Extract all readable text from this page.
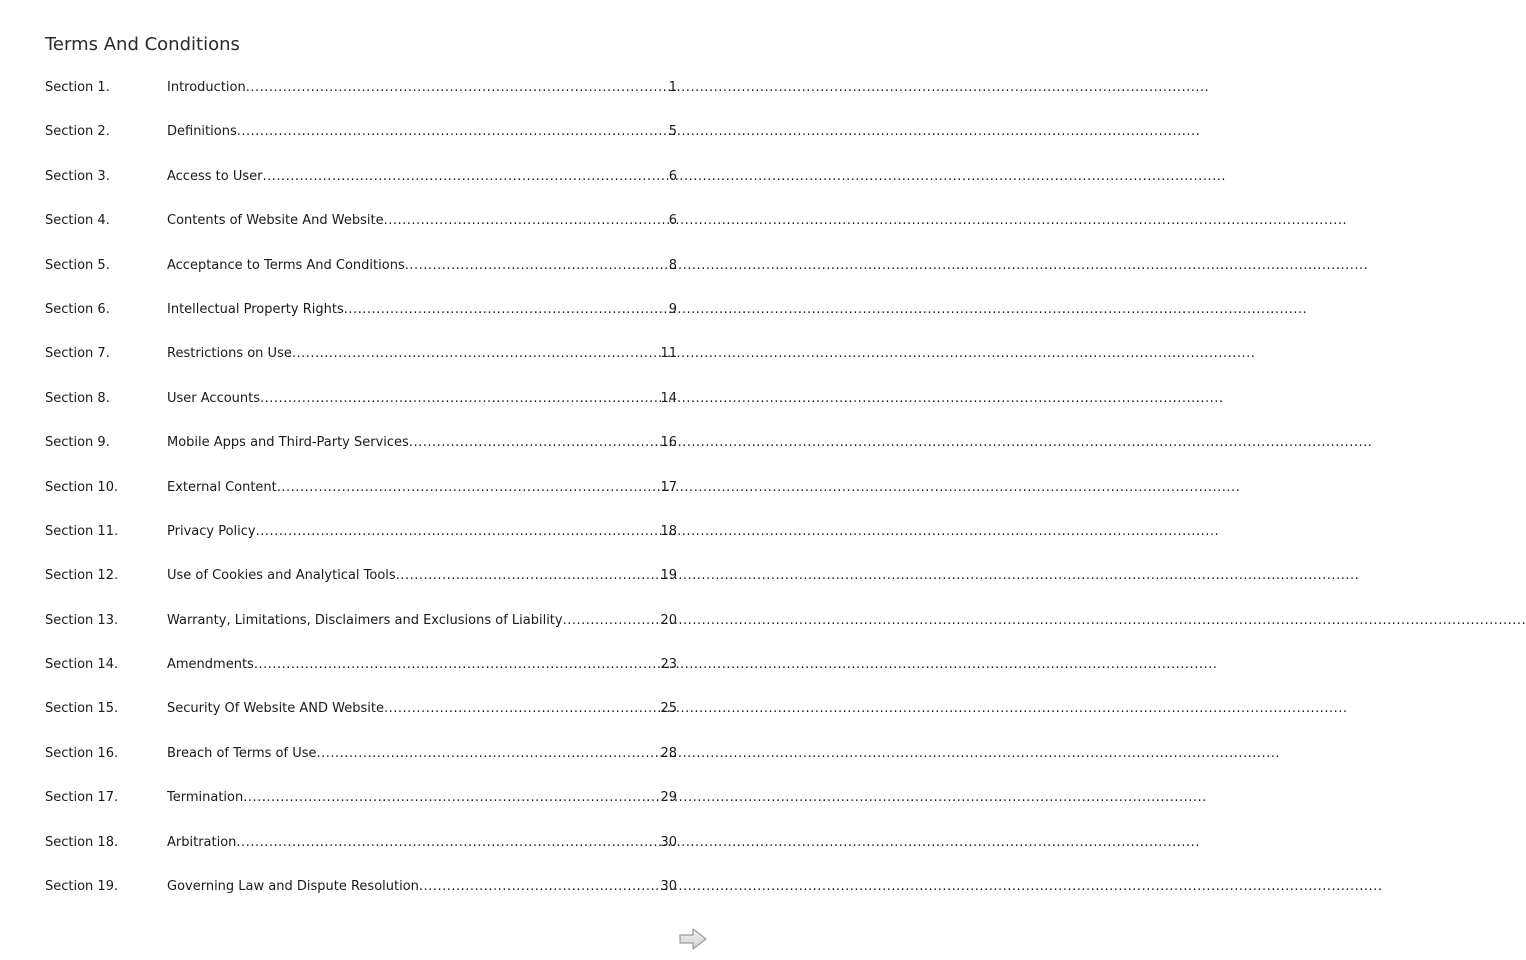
Terms And Conditions
Section 1.	Introduction .....	1
Section 2.	Definitions .....	5
Section 3.	Access to User .....	6
Section 4.	Contents of Website And Website .....	6
Section 5.	Acceptance to Terms And Conditions .....	8
Section 6.	Intellectual Property Rights .....	9
Section 7.	Restrictions on Use .....	11
Section 8.	User Accounts .....	14
Section 9.	Mobile Apps and Third-Party Services .....	16
Section 10.	External Content .....	17
Section 11.	Privacy Policy .....	18
Section 12.	Use of Cookies and Analytical Tools .....	19
Section 13.	Warranty, Limitations, Disclaimers and Exclusions of Liability .....	20
Section 14.	Amendments .....	23
Section 15.	Security Of Website AND Website .....	25
Section 16.	Breach of Terms of Use .....	28
Section 17.	Termination .....	29
Section 18.	Arbitration .....	30
Section 19.	Governing Law and Dispute Resolution .....	30
